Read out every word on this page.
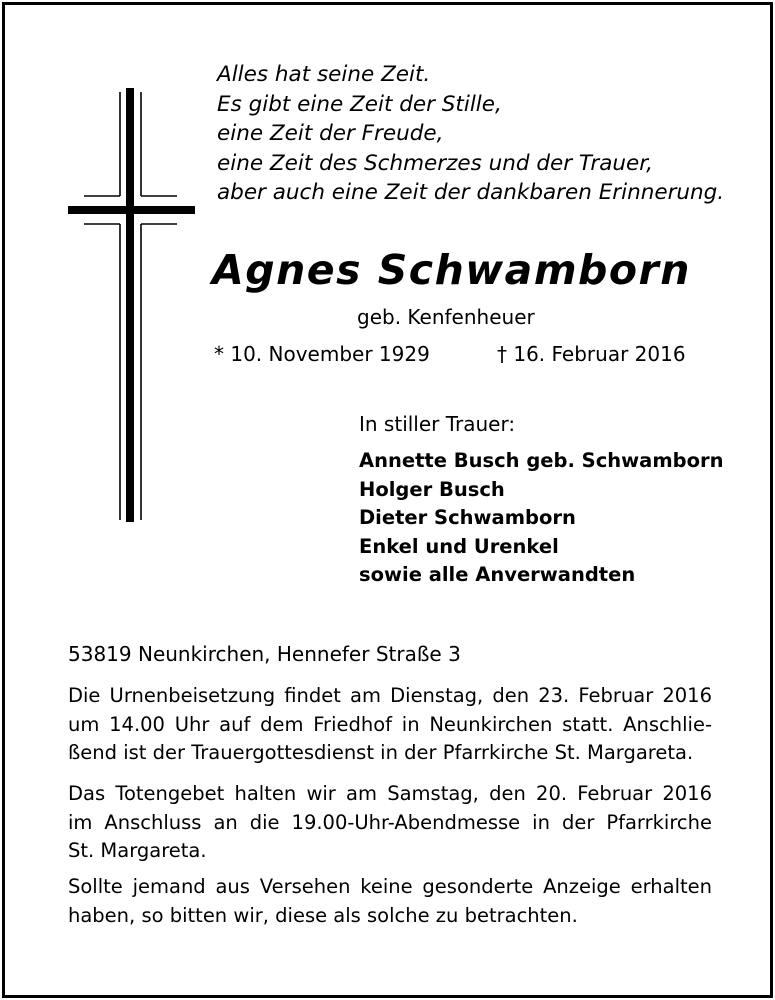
Alles hat seine Zeit.
Es gibt eine Zeit der Stille,
eine Zeit der Freude,
eine Zeit des Schmerzes und der Trauer,
aber auch eine Zeit der dankbaren Erinnerung.
Agnes Schwamborn
geb. Kenfenheuer
* 10. November 1929	† 16. Februar 2016
In stiller Trauer:
Annette Busch geb. Schwamborn
Holger Busch
Dieter Schwamborn
Enkel und Urenkel
sowie alle Anverwandten
53819 Neunkirchen, Hennefer Straße 3
Die Urnenbeisetzung findet am Dienstag, den 23. Februar 2016
um 14.00 Uhr auf dem Friedhof in Neunkirchen statt. Anschlie-
ßend ist der Trauergottesdienst in der Pfarrkirche St. Margareta.
Das Totengebet halten wir am Samstag, den 20. Februar 2016
im Anschluss an die 19.00-Uhr-Abendmesse in der Pfarrkirche
St. Margareta.
Sollte jemand aus Versehen keine gesonderte Anzeige erhalten
haben, so bitten wir, diese als solche zu betrachten.
